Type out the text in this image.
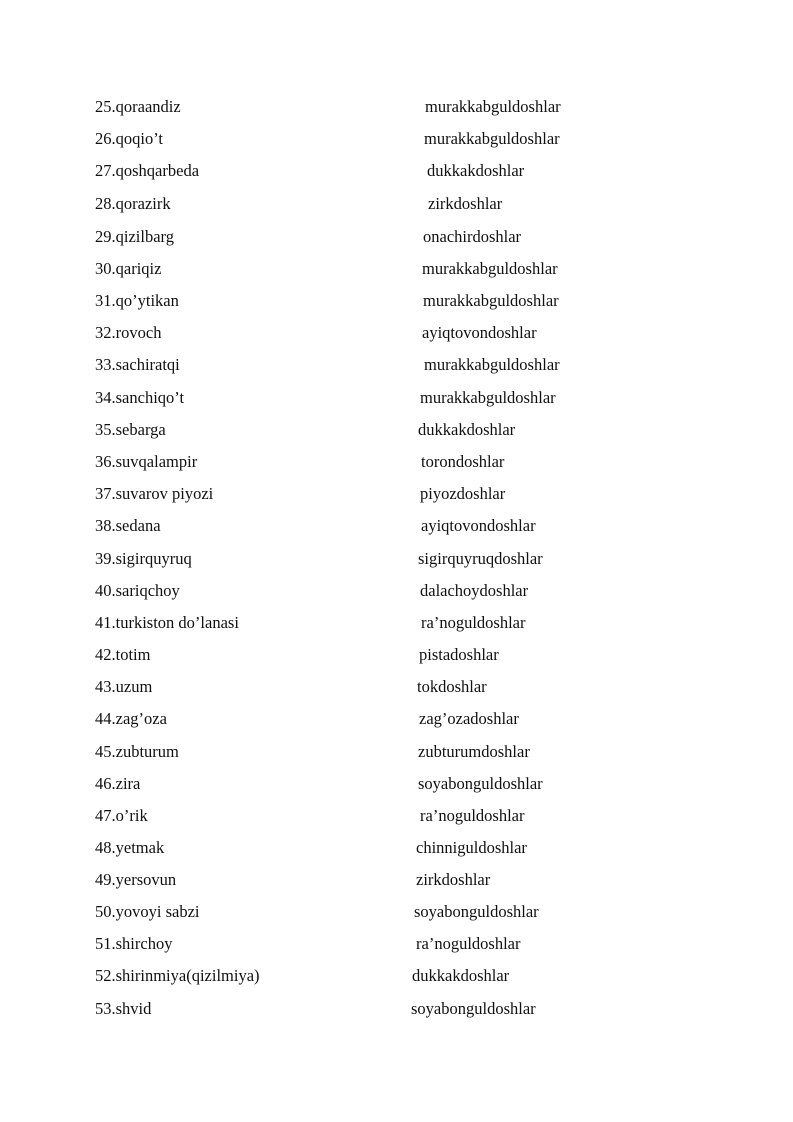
25.qoraandiz	murakkabguldoshlar
26.qoqio’t	murakkabguldoshlar
27.qoshqarbeda	dukkakdoshlar
28.qorazirk	zirkdoshlar
29.qizilbarg	onachirdoshlar
30.qariqiz	murakkabguldoshlar
31.qo’ytikan	murakkabguldoshlar
32.rovoch	ayiqtovondoshlar
33.sachiratqi	murakkabguldoshlar
34.sanchiqo’t	murakkabguldoshlar
35.sebarga	dukkakdoshlar
36.suvqalampir	torondoshlar
37.suvarov piyozi	piyozdoshlar
38.sedana	ayiqtovondoshlar
39.sigirquyruq	sigirquyruqdoshlar
40.sariqchoy	dalachoydoshlar
41.turkiston do’lanasi	ra’noguldoshlar
42.totim	pistadoshlar
43.uzum	tokdoshlar
44.zag’oza	zag’ozadoshlar
45.zubturum	zubturumdoshlar
46.zira	soyabonguldoshlar
47.o’rik	ra’noguldoshlar
48.yetmak	chinniguldoshlar
49.yersovun	zirkdoshlar
50.yovoyi sabzi	soyabonguldoshlar
51.shirchoy	ra’noguldoshlar
52.shirinmiya(qizilmiya)	dukkakdoshlar
53.shvid	soyabonguldoshlar
